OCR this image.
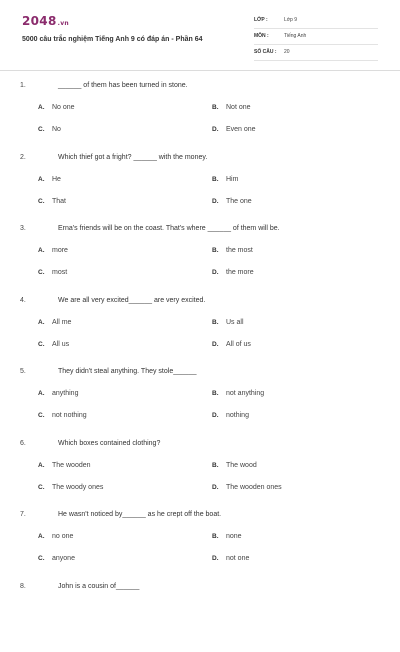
2048.vn
5000 câu trắc nghiệm Tiếng Anh 9 có đáp án - Phần 64
LỚP :	Lớp 9
MÔN :	Tiếng Anh
SỐ CÂU : 20
1.	______ of them has been turned in stone.
A. No one	B. Not one
C. No	D. Even one
2.	Which thief got a fright? ______ with the money.
A. He	B. Him
C. That	D. The one
3.	Erna's friends will be on the coast. That's where ______ of them will be.
A. more	B. the most
C. most	D. the more
4.	We are all very excited______ are very excited.
A. All me	B. Us all
C. All us	D. All of us
5.	They didn't steal anything. They stole______
A. anything	B. not anything
C. not nothing	D. nothing
6.	Which boxes contained clothing?
A. The wooden	B. The wood
C. The woody ones	D. The wooden ones
7.	He wasn't noticed by______ as he crept off the boat.
A. no one	B. none
C. anyone	D. not one
8.	John is a cousin of______
